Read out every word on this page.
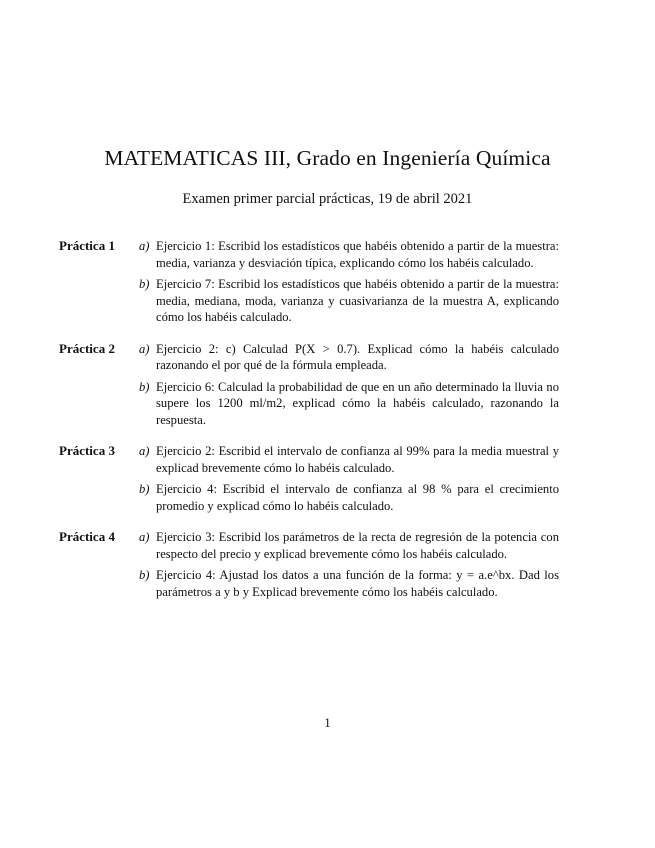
MATEMATICAS III, Grado en Ingeniería Química
Examen primer parcial prácticas, 19 de abril 2021
Práctica 1	a) Ejercicio 1: Escribid los estadísticos que habéis obtenido a partir de la muestra: media, varianza y desviación típica, explicando cómo los habéis calculado.
b) Ejercicio 7: Escribid los estadísticos que habéis obtenido a partir de la muestra: media, mediana, moda, varianza y cuasivarianza de la muestra A, explicando cómo los habéis calculado.
Práctica 2	a) Ejercicio 2: c) Calculad P(X > 0.7). Explicad cómo la habéis calculado razonando el por qué de la fórmula empleada.
b) Ejercicio 6: Calculad la probabilidad de que en un año determinado la lluvia no supere los 1200 ml/m2, explicad cómo la habéis calculado, razonando la respuesta.
Práctica 3	a) Ejercicio 2: Escribid el intervalo de confianza al 99% para la media muestral y explicad brevemente cómo lo habéis calculado.
b) Ejercicio 4: Escribid el intervalo de confianza al 98 % para el crecimiento promedio y explicad cómo lo habéis calculado.
Práctica 4	a) Ejercicio 3: Escribid los parámetros de la recta de regresión de la potencia con respecto del precio y explicad brevemente cómo los habéis calculado.
b) Ejercicio 4: Ajustad los datos a una función de la forma: y = a.e^bx. Dad los parámetros a y b y Explicad brevemente cómo los habéis calculado.
1
